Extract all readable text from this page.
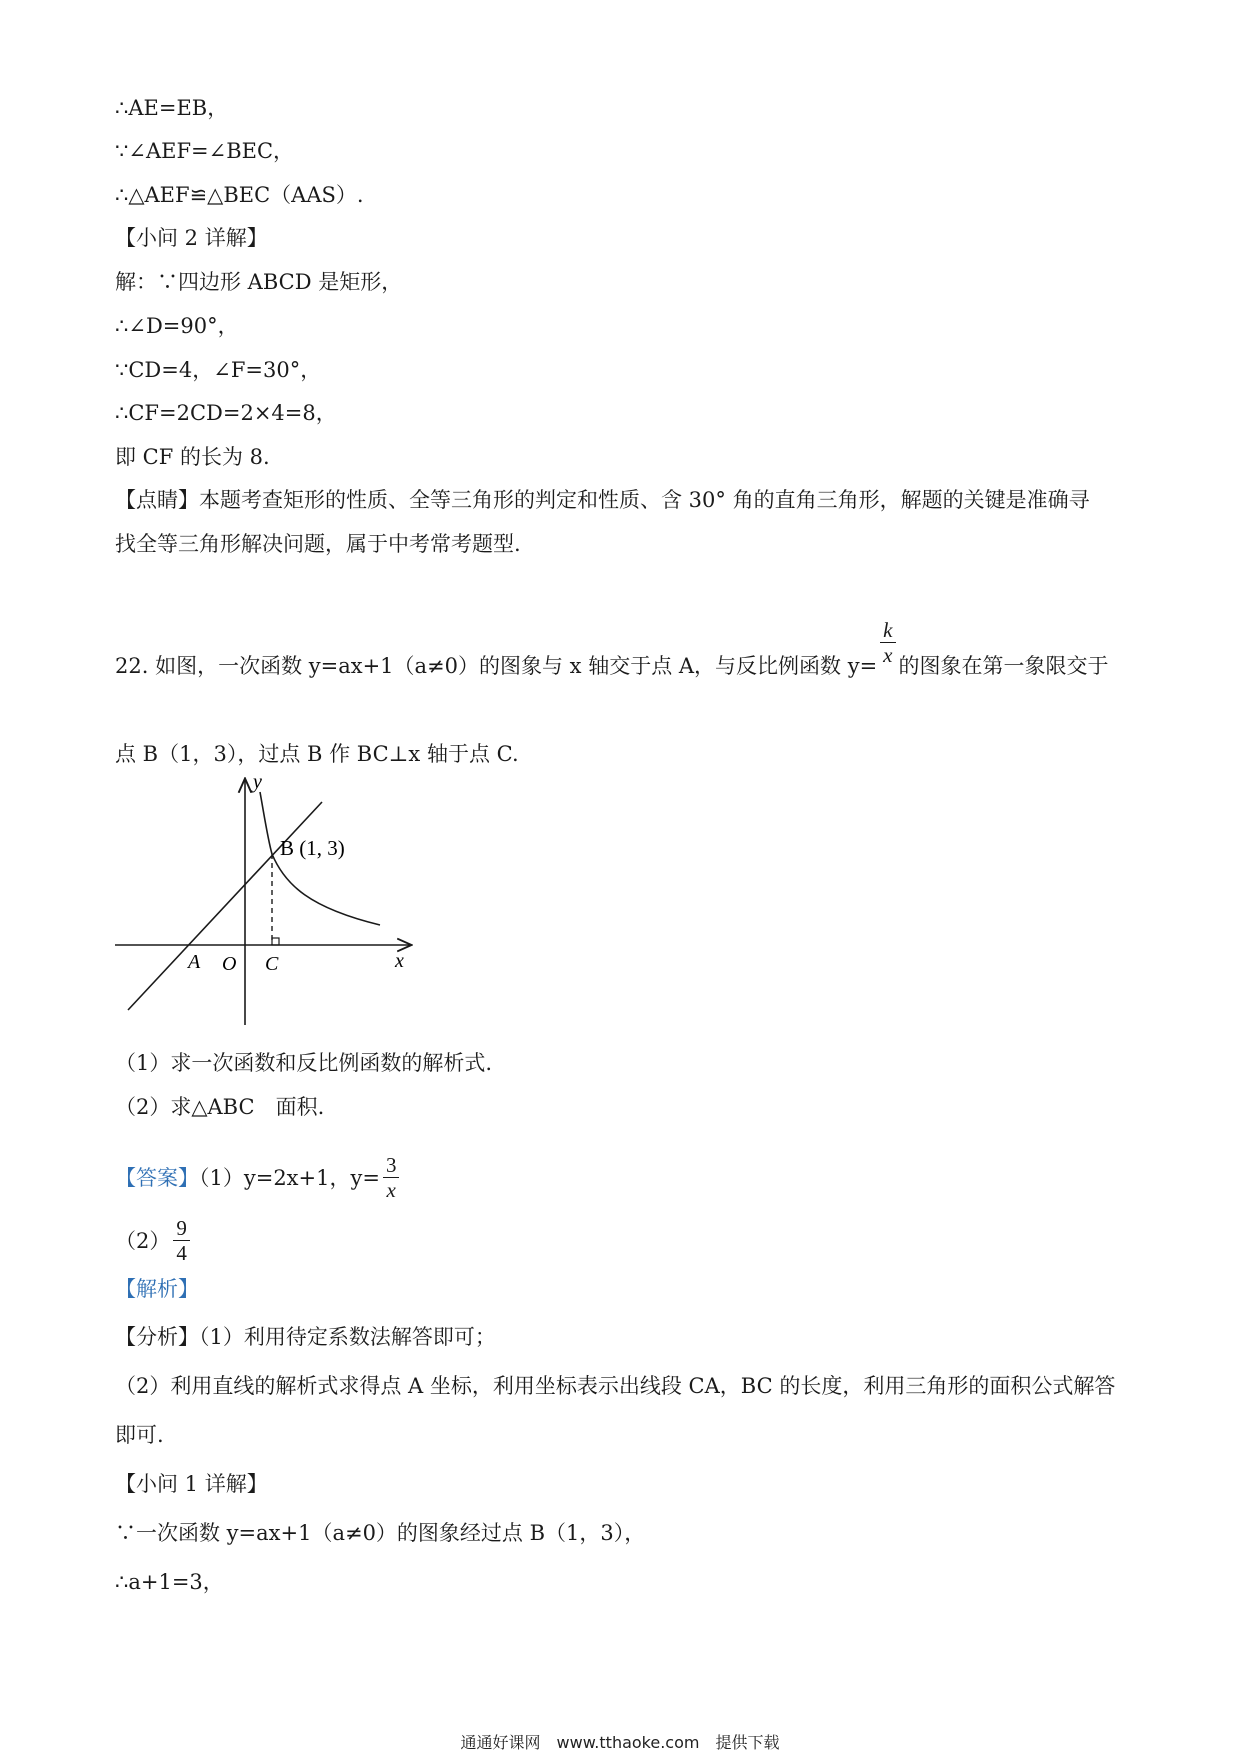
∴AE=EB，
∵∠AEF=∠BEC，
∴△AEF≌△BEC（AAS）.
【小问 2 详解】
解：∵四边形 ABCD 是矩形，
∴∠D=90°，
∵CD=4，∠F=30°，
∴CF=2CD=2×4=8，
即 CF 的长为 8.
【点睛】本题考查矩形的性质、全等三角形的判定和性质、含 30° 角的直角三角形，解题的关键是准确寻
找全等三角形解决问题，属于中考常考题型.
22. 如图，一次函数 y=ax+1（a≠0）的图象与 x 轴交于点 A，与反比例函数 $y= \frac{k}{x}$ 的图象在第一象限交于
点 B（1，3），过点 B 作 BC⊥x 轴于点 C.
y
x
A O C
B (1, 3)
（1）求一次函数和反比例函数的解析式.
（2）求△ABC　面积.
【答案】（1）y=2x+1，$y= \frac{3}{x}$
$(2) \frac{9}{4}$
【解析】
【分析】（1）利用待定系数法解答即可；
（2）利用直线的解析式求得点 A 坐标，利用坐标表示出线段 CA，BC 的长度，利用三角形的面积公式解答
即可.
【小问 1 详解】
∵一次函数 y=ax+1（a≠0）的图象经过点 B（1，3），
∴a+1=3，
通通好课网　www.tthaoke.com　提供下载
